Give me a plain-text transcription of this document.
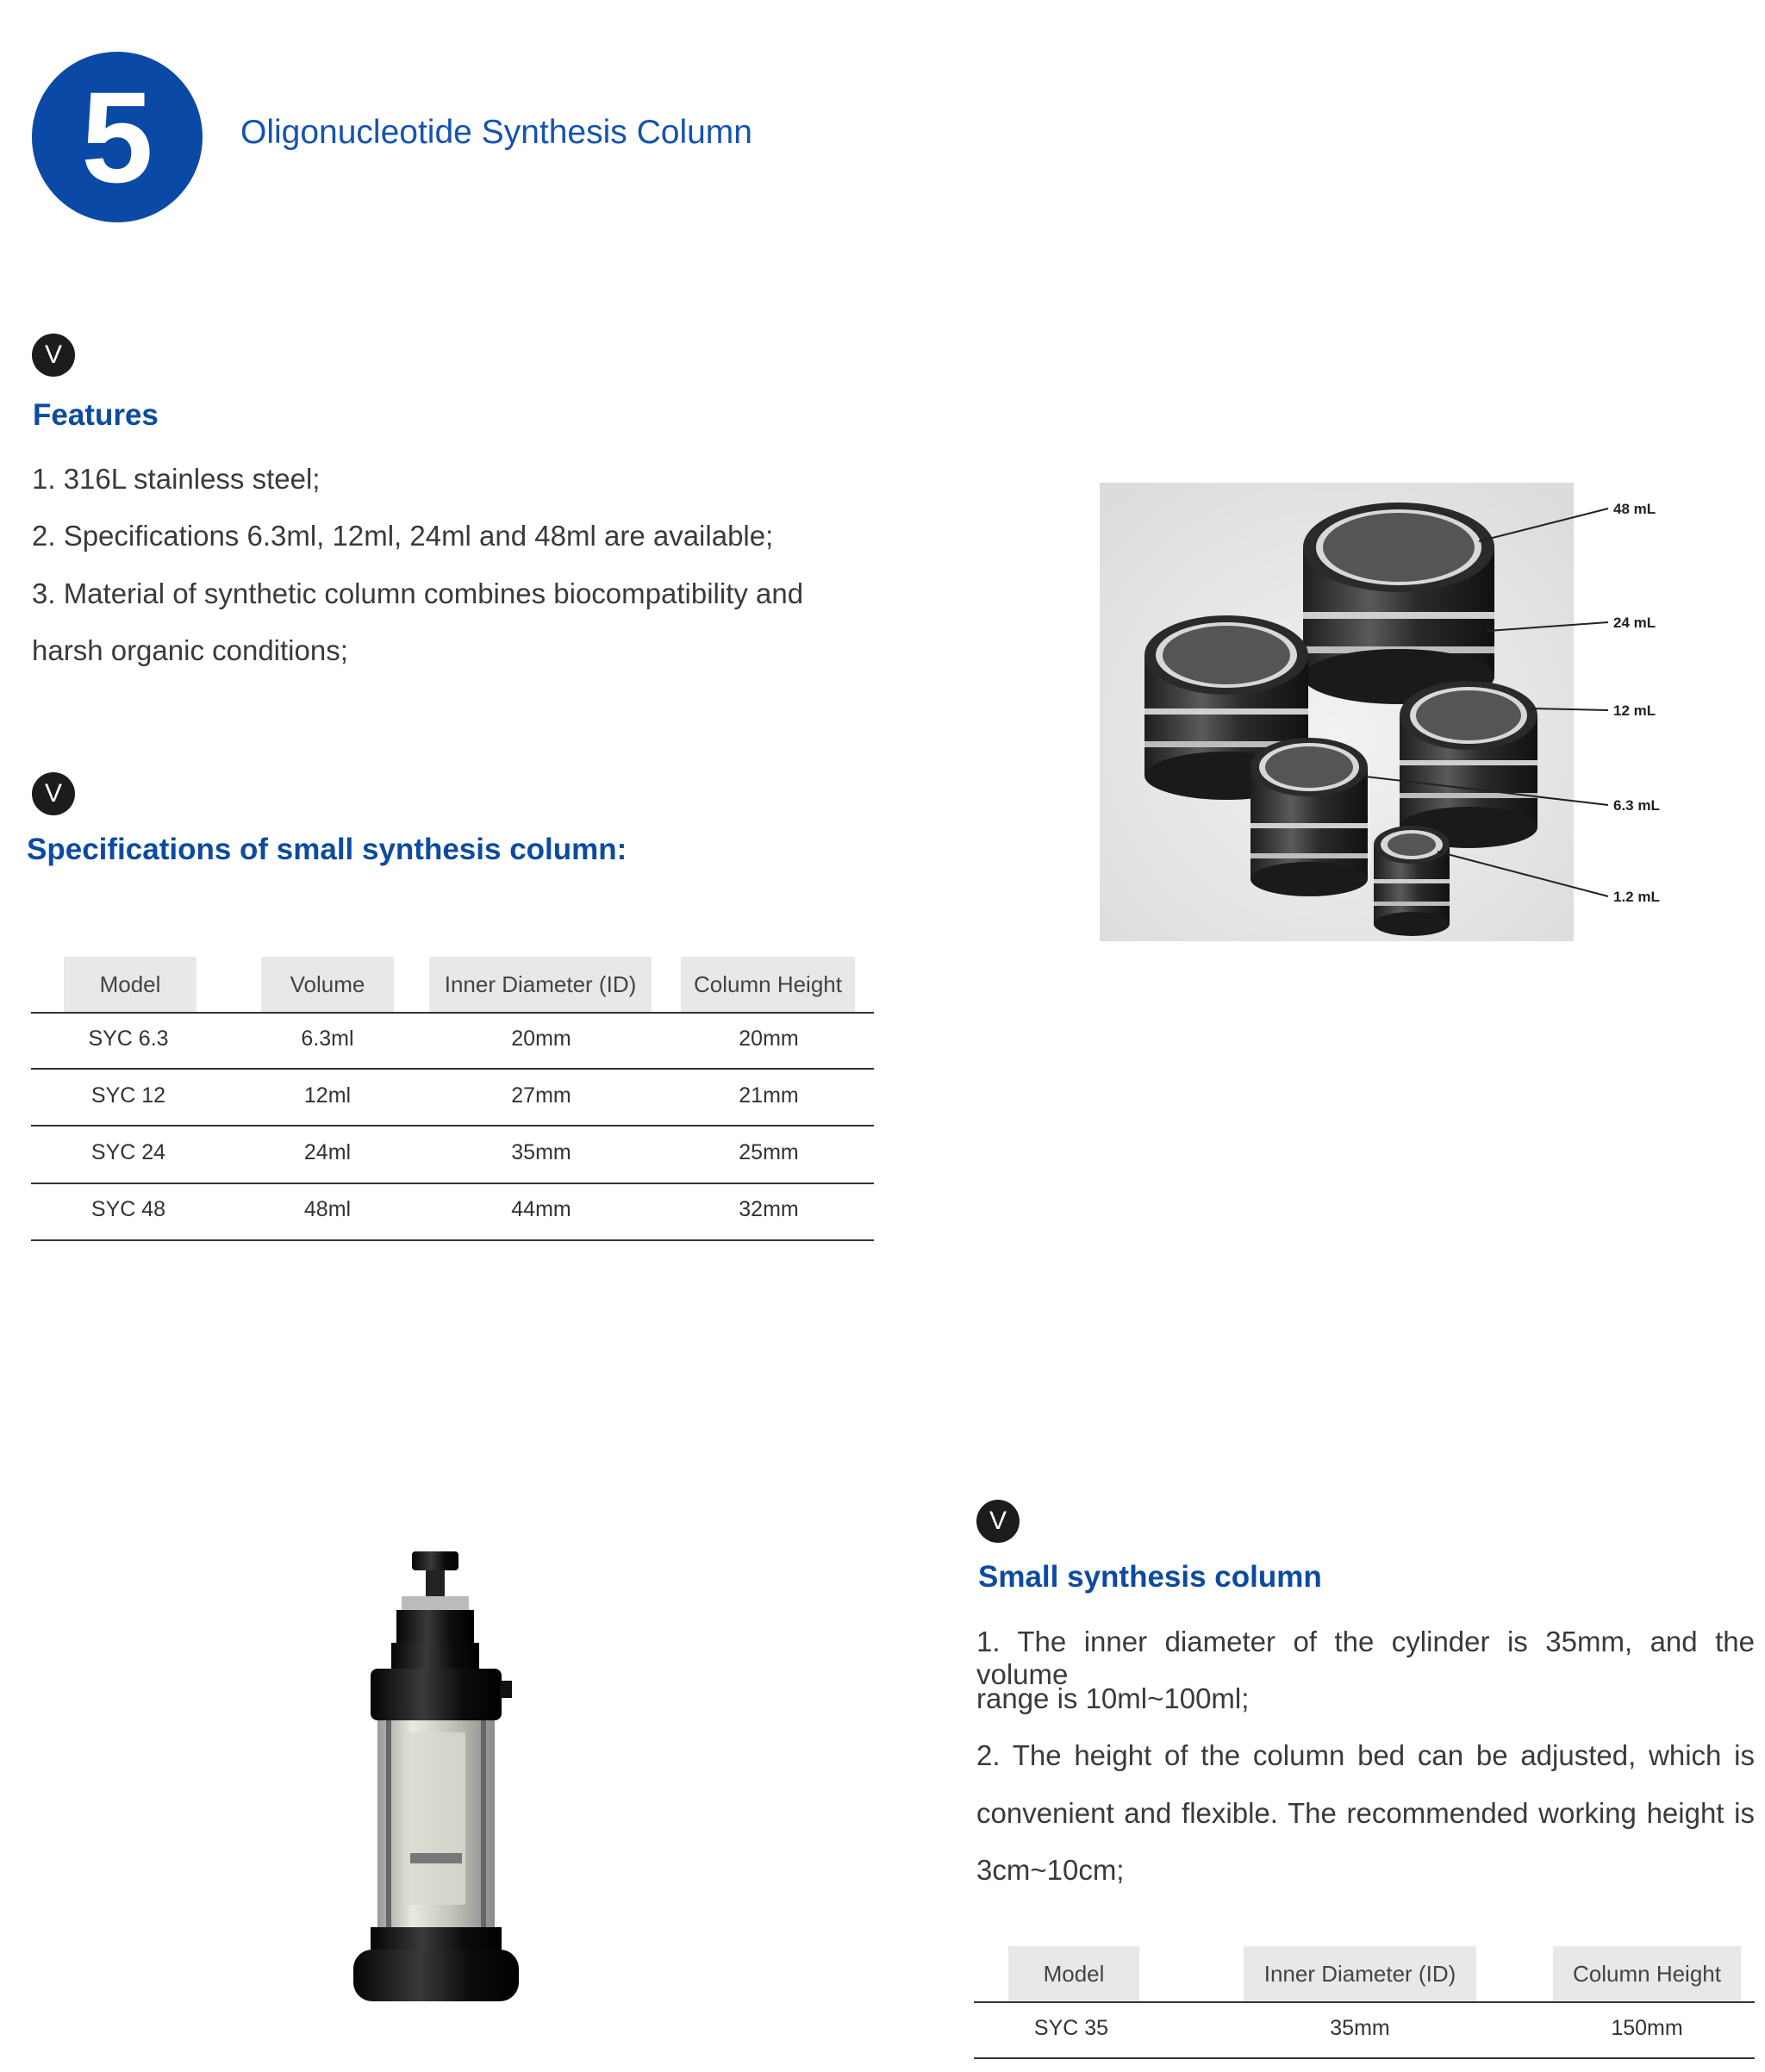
5	Oligonucleotide Synthesis Column
V
Features
1. 316L stainless steel;
2. Specifications 6.3ml, 12ml, 24ml and 48ml are available;
3. Material of synthetic column combines biocompatibility and
harsh organic conditions;
V
Specifications of small synthesis column:
Model	Volume	Inner Diameter (ID)	Column Height
SYC 6.3	6.3ml	20mm	20mm
SYC 12	12ml	27mm	21mm
SYC 24	24ml	35mm	25mm
SYC 48	48ml	44mm	32mm
48 mL
24 mL
12 mL
6.3 mL
1.2 mL
V
Small synthesis column
1. The inner diameter of the cylinder is 35mm, and the volume
range is 10ml~100ml;
2. The height of the column bed can be adjusted, which is
convenient and flexible. The recommended working height is
3cm~10cm;
Model	Inner Diameter (ID)	Column Height
SYC 35	35mm	150mm
